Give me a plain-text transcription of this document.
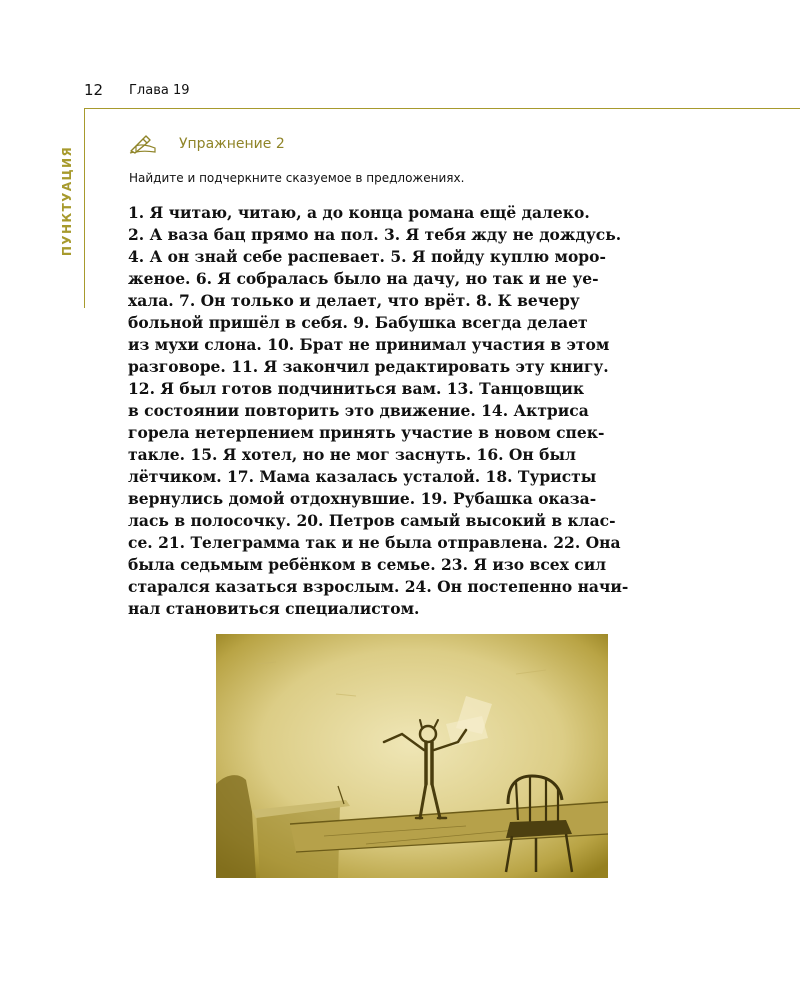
12 Глава 19
ПУНКТУАЦИЯ
Упражнение 2
Найдите и подчеркните сказуемое в предложениях.
1. Я читаю, читаю, а до конца романа ещё далеко.
2. А ваза бац прямо на пол. 3. Я тебя жду не дождусь.
4. А он знай себе распевает. 5. Я пойду куплю моро-
женое. 6. Я собралась было на дачу, но так и не уе-
хала. 7. Он только и делает, что врёт. 8. К вечеру
больной пришёл в себя. 9. Бабушка всегда делает
из мухи слона. 10. Брат не принимал участия в этом
разговоре. 11. Я закончил редактировать эту книгу.
12. Я был готов подчиниться вам. 13. Танцовщик
в состоянии повторить это движение. 14. Актриса
горела нетерпением принять участие в новом спек-
такле. 15. Я хотел, но не мог заснуть. 16. Он был
лётчиком. 17. Мама казалась усталой. 18. Туристы
вернулись домой отдохнувшие. 19. Рубашка оказа-
лась в полосочку. 20. Петров самый высокий в клас-
се. 21. Телеграмма так и не была отправлена. 22. Она
была седьмым ребёнком в семье. 23. Я изо всех сил
старался казаться взрослым. 24. Он постепенно начи-
нал становиться специалистом.
